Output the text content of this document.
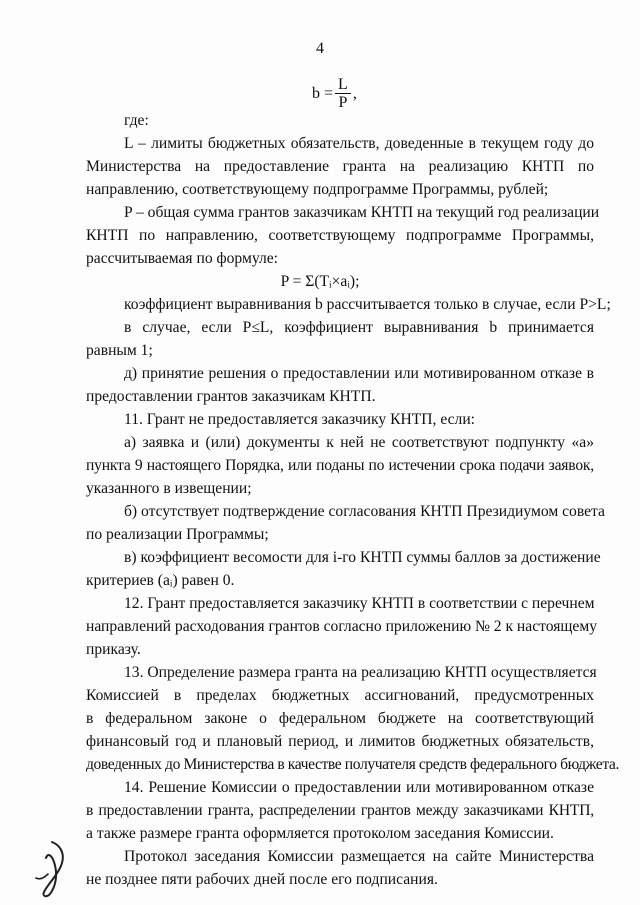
4
$b = \frac{L}{P}$ ,
где:
L – лимиты бюджетных обязательств, доведенные в текущем году до
Министерства на предоставление гранта на реализацию КНТП по
направлению, соответствующему подпрограмме Программы, рублей;
P – общая сумма грантов заказчикам КНТП на текущий год реализации
КНТП по направлению, соответствующему подпрограмме Программы,
рассчитываемая по формуле:
P = Σ(Tᵢ×aᵢ);
коэффициент выравнивания b рассчитывается только в случае, если P>L;
в случае, если P≤L, коэффициент выравнивания b принимается
равным 1;
д) принятие решения о предоставлении или мотивированном отказе в
предоставлении грантов заказчикам КНТП.
11. Грант не предоставляется заказчику КНТП, если:
а) заявка и (или) документы к ней не соответствуют подпункту «а»
пункта 9 настоящего Порядка, или поданы по истечении срока подачи заявок,
указанного в извещении;
б) отсутствует подтверждение согласования КНТП Президиумом совета
по реализации Программы;
в) коэффициент весомости для i-го КНТП суммы баллов за достижение
критериев (aᵢ) равен 0.
12. Грант предоставляется заказчику КНТП в соответствии с перечнем
направлений расходования грантов согласно приложению № 2 к настоящему
приказу.
13. Определение размера гранта на реализацию КНТП осуществляется
Комиссией в пределах бюджетных ассигнований, предусмотренных
в федеральном законе о федеральном бюджете на соответствующий
финансовый год и плановый период, и лимитов бюджетных обязательств,
доведенных до Министерства в качестве получателя средств федерального бюджета.
14. Решение Комиссии о предоставлении или мотивированном отказе
в предоставлении гранта, распределении грантов между заказчиками КНТП,
а также размере гранта оформляется протоколом заседания Комиссии.
Протокол заседания Комиссии размещается на сайте Министерства
не позднее пяти рабочих дней после его подписания.
